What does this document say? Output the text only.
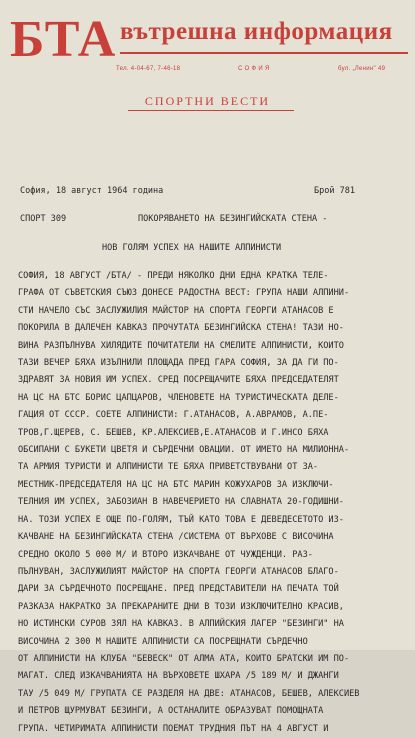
БТА вътрешна информация
Тел. 4-04-67, 7-46-18	С О Ф И Я	бул. „Ленин" 49
СПОРТНИ ВЕСТИ
София, 18 август 1964 година	Брой 781
СПОРТ 309	ПОКОРЯВАНЕТО НА БЕЗИНГИЙСКАТА СТЕНА -
НОВ ГОЛЯМ УСПЕХ НА НАШИТЕ АЛПИНИСТИ
СОФИЯ, 18 АВГУСТ /БТА/ - ПРЕДИ НЯКОЛКО ДНИ ЕДНА КРАТКА ТЕЛЕ-
ГРАФА ОТ СЪВЕТСКИЯ СЪЮЗ ДОНЕСЕ РАДОСТНА ВЕСТ: ГРУПА НАШИ АЛПИНИ-
СТИ НАЧЕЛО СЪС ЗАСЛУЖИЛИЯ МАЙСТОР НА СПОРТА ГЕОРГИ АТАНАСОВ Е
ПОКОРИЛА В ДАЛЕЧЕН КАВКАЗ ПРОЧУТАТА БЕЗИНГИЙСКА СТЕНА! ТАЗИ НО-
ВИНА РАЗПЪЛНУВА ХИЛЯДИТЕ ПОЧИТАТЕЛИ НА СМЕЛИТЕ АЛПИНИСТИ, КОИТО
ТАЗИ ВЕЧЕР БЯХА ИЗЪЛНИЛИ ПЛОЩАДА ПРЕД ГАРА СОФИЯ, ЗА ДА ГИ ПО-
ЗДРАВЯТ ЗА НОВИЯ ИМ УСПЕХ. СРЕД ПОСРЕЩАЧИТЕ БЯХА ПРЕДСЕДАТЕЛЯТ
НА ЦС НА БТС БОРИС ЦАПЦАРОВ, ЧЛЕНОВЕТЕ НА ТУРИСТИЧЕСКАТА ДЕЛЕ-
ГАЦИЯ ОТ СССР. СОЕТЕ АЛПИНИСТИ: Г.АТАНАСОВ, А.АВРАМОВ, А.ПЕ-
ТРОВ,Г.ЩЕРЕВ, С. БЕШЕВ, КР.АЛЕКСИЕВ,Е.АТАНАСОВ И Г.ИНСО БЯХА
ОБСИПАНИ С БУКЕТИ ЦВЕТЯ И СЪРДЕЧНИ ОВАЦИИ. ОТ ИМЕТО НА МИЛИОННА-
ТА АРМИЯ ТУРИСТИ И АЛПИНИСТИ ТЕ БЯХА ПРИВЕТСТВУВАНИ ОТ ЗА-
МЕСТНИК-ПРЕДСЕДАТЕЛЯ НА ЦС НА БТС МАРИН КОЖУХАРОВ ЗА ИЗКЛЮЧИ-
ТЕЛНИЯ ИМ УСПЕХ, ЗАБОЗИАН В НАВЕЧЕРИЕТО НА СЛАВНАТА 20-ГОДИШНИ-
НА. ТОЗИ УСПЕХ Е ОЩЕ ПО-ГОЛЯМ, ТЪЙ КАТО ТОВА Е ДЕВЕДЕСЕТОТО ИЗ-
КАЧВАНЕ НА БЕЗИНГИЙСКАТА СТЕНА /СИСТЕМА ОТ ВЪРХОВЕ С ВИСОЧИНА
СРЕДНО ОКОЛО 5 000 М/ И ВТОРО ИЗКАЧВАНЕ ОТ ЧУЖДЕНЦИ. РАЗ-
ПЪЛНУВАН, ЗАСЛУЖИЛИЯТ МАЙСТОР НА СПОРТА ГЕОРГИ АТАНАСОВ БЛАГО-
ДАРИ ЗА СЪРДЕЧНОТО ПОСРЕЩАНЕ. ПРЕД ПРЕДСТАВИТЕЛИ НА ПЕЧАТА ТОЙ
РАЗКАЗА НАКРАТКО ЗА ПРЕКАРАНИТЕ ДНИ В ТОЗИ ИЗКЛЮЧИТЕЛНО КРАСИВ,
НО ИСТИНСКИ СУРОВ ЗЯЛ НА КАВКАЗ. В АЛПИЙСКИЯ ЛАГЕР "БЕЗИНГИ" НА
ВИСОЧИНА 2 300 М НАШИТЕ АЛПИНИСТИ СА ПОСРЕЩНАТИ СЪРДЕЧНО
ОТ АЛПИНИСТИ НА КЛУБА "БЕВЕСК" ОТ АЛМА АТА, КОИТО БРАТСКИ ИМ ПО-
МАГАТ. СЛЕД ИЗКАЧВАНИЯТА НА ВЪРХОВЕТЕ ШХАРА /5 189 М/ И ДЖАНГИ
ТАУ /5 049 М/ ГРУПАТА СЕ РАЗДЕЛЯ НА ДВЕ: АТАНАСОВ, БЕШЕВ, АЛЕКСИЕВ
И ПЕТРОВ ЩУРМУВАТ БЕЗИНГИ, А ОСТАНАЛИТЕ ОБРАЗУВАТ ПОМОЩНАТА
ГРУПА. ЧЕТИРИМАТА АЛПИНИСТИ ПОЕМАТ ТРУДНИЯ ПЪТ НА 4 АВГУСТ И
